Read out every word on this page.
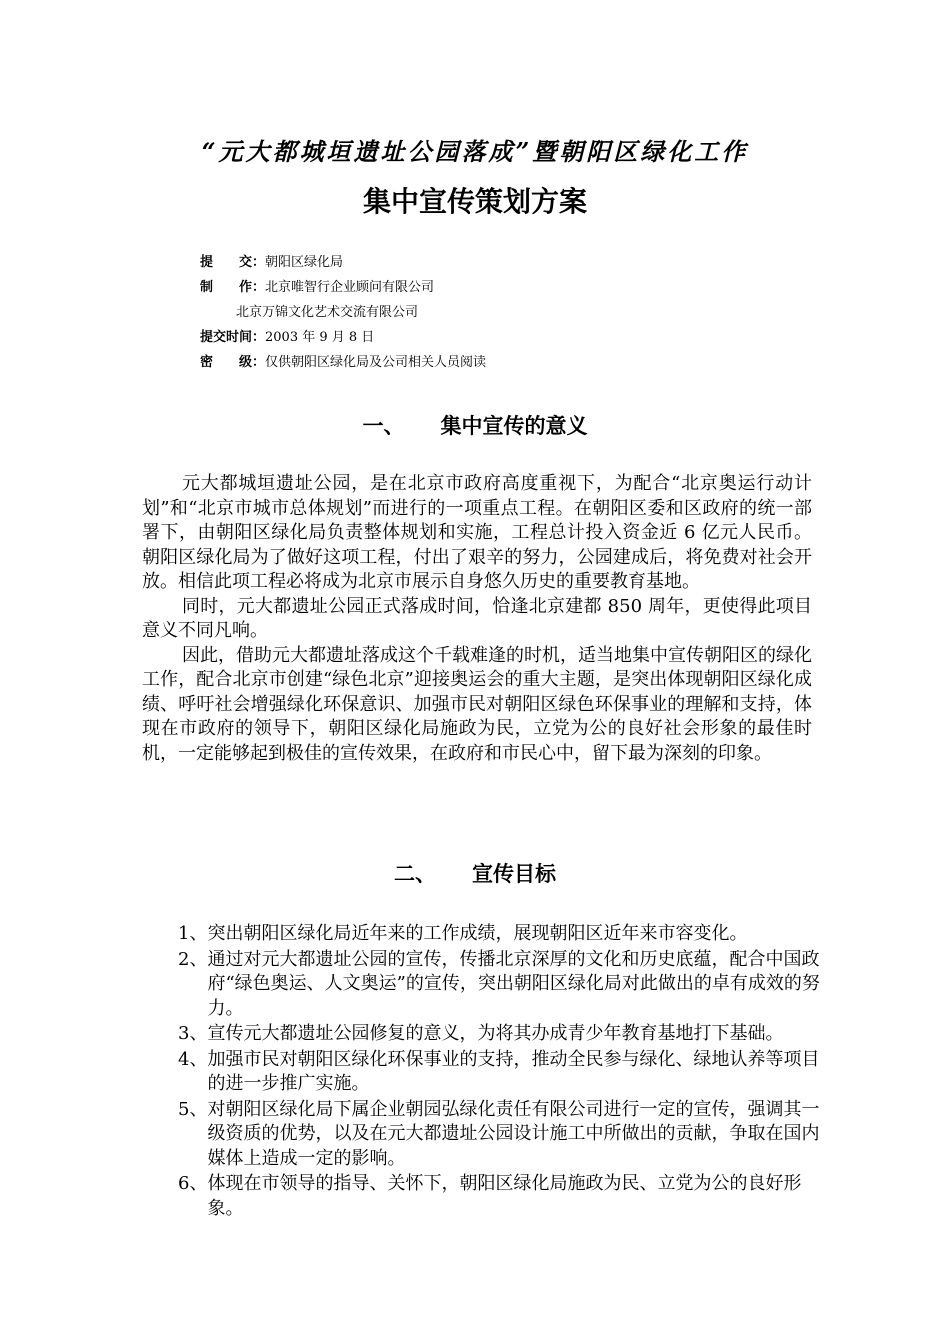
“元大都城垣遗址公园落成”暨朝阳区绿化工作
集中宣传策划方案
提　　交：朝阳区绿化局
制　　作：北京唯智行企业顾问有限公司
北京万锦文化艺术交流有限公司
提交时间：2003 年 9 月 8 日
密　　级：仅供朝阳区绿化局及公司相关人员阅读
一、 集中宣传的意义

元大都城垣遗址公园，是在北京市政府高度重视下，为配合“北京奥运行动计划”和“北京市城市总体规划”而进行的一项重点工程。在朝阳区委和区政府的统一部署下，由朝阳区绿化局负责整体规划和实施，工程总计投入资金近 6 亿元人民币。朝阳区绿化局为了做好这项工程，付出了艰辛的努力，公园建成后，将免费对社会开放。相信此项工程必将成为北京市展示自身悠久历史的重要教育基地。

同时，元大都遗址公园正式落成时间，恰逢北京建都 850 周年，更使得此项目意义不同凡响。

因此，借助元大都遗址落成这个千载难逢的时机，适当地集中宣传朝阳区的绿化工作，配合北京市创建“绿色北京”迎接奥运会的重大主题，是突出体现朝阳区绿化成绩、呼吁社会增强绿化环保意识、加强市民对朝阳区绿色环保事业的理解和支持，体现在市政府的领导下，朝阳区绿化局施政为民，立党为公的良好社会形象的最佳时机，一定能够起到极佳的宣传效果，在政府和市民心中，留下最为深刻的印象。

二、 宣传目标
1、 突出朝阳区绿化局近年来的工作成绩，展现朝阳区近年来市容变化。
2、 通过对元大都遗址公园的宣传，传播北京深厚的文化和历史底蕴，配合中国政府“绿色奥运、人文奥运”的宣传，突出朝阳区绿化局对此做出的卓有成效的努力。
3、 宣传元大都遗址公园修复的意义，为将其办成青少年教育基地打下基础。
4、 加强市民对朝阳区绿化环保事业的支持，推动全民参与绿化、绿地认养等项目的进一步推广实施。
5、 对朝阳区绿化局下属企业朝园弘绿化责任有限公司进行一定的宣传，强调其一级资质的优势，以及在元大都遗址公园设计施工中所做出的贡献，争取在国内媒体上造成一定的影响。
6、 体现在市领导的指导、关怀下，朝阳区绿化局施政为民、立党为公的良好形象。
